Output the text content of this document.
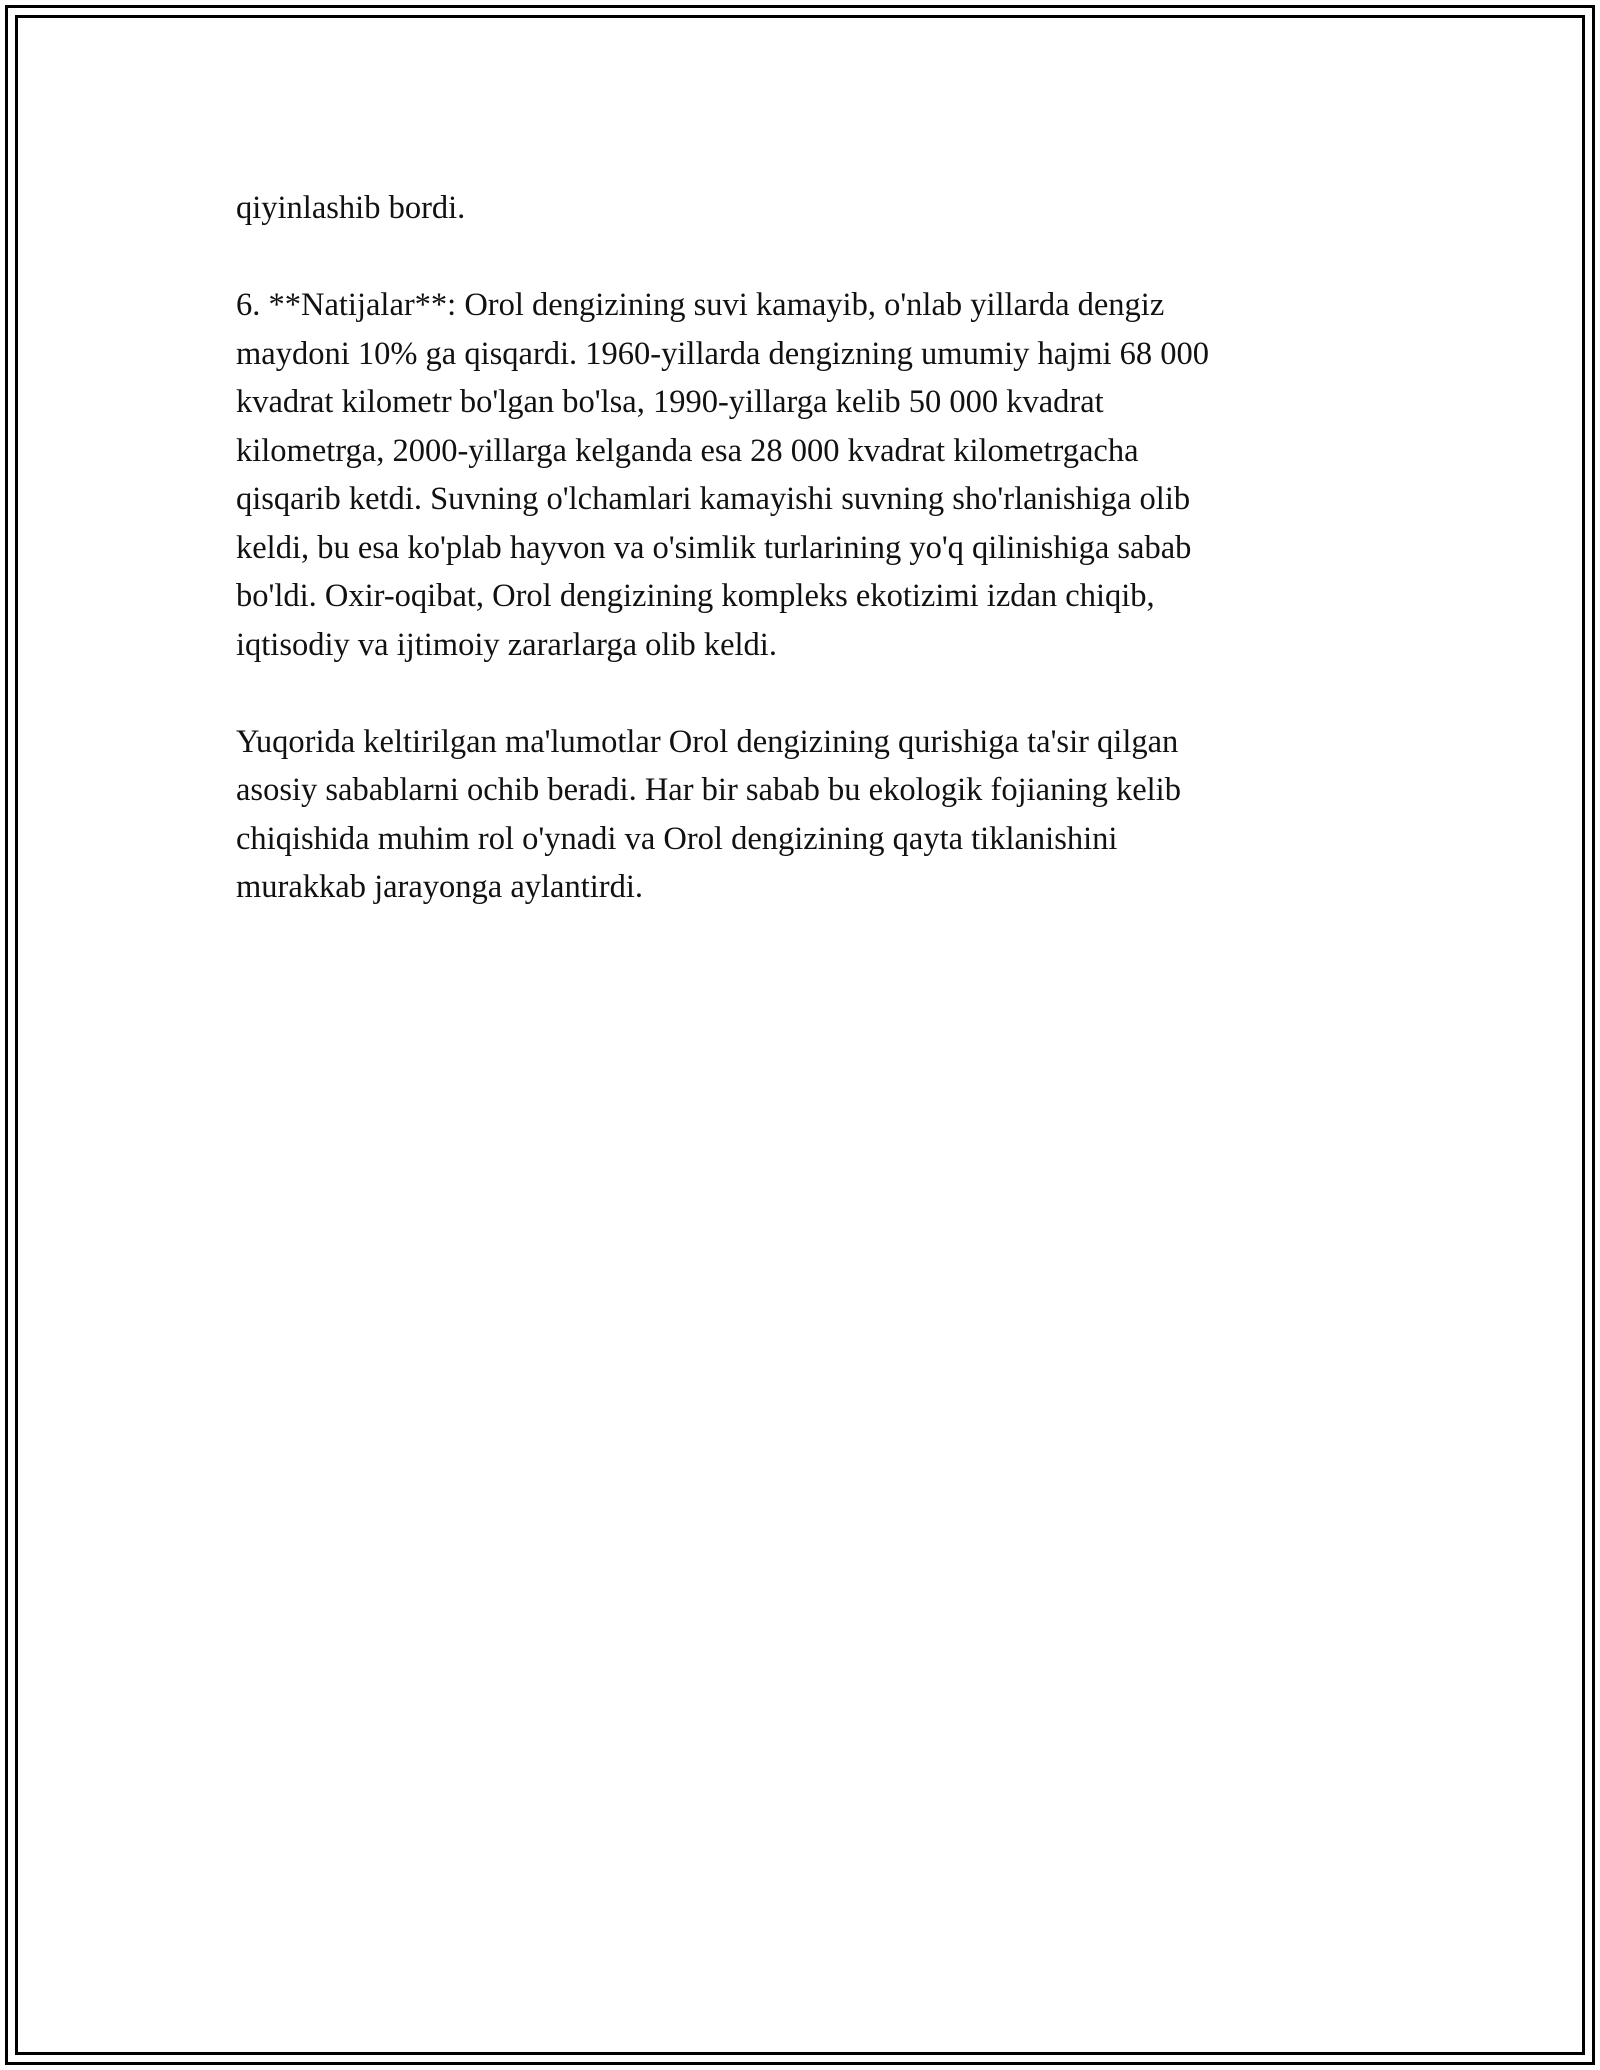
qiyinlashib bordi.

6. **Natijalar**: Orol dengizining suvi kamayib, o'nlab yillarda dengiz
maydoni 10% ga qisqardi. 1960-yillarda dengizning umumiy hajmi 68 000
kvadrat kilometr bo'lgan bo'lsa, 1990-yillarga kelib 50 000 kvadrat
kilometrga, 2000-yillarga kelganda esa 28 000 kvadrat kilometrgacha
qisqarib ketdi. Suvning o'lchamlari kamayishi suvning sho'rlanishiga olib
keldi, bu esa ko'plab hayvon va o'simlik turlarining yo'q qilinishiga sabab
bo'ldi. Oxir-oqibat, Orol dengizining kompleks ekotizimi izdan chiqib,
iqtisodiy va ijtimoiy zararlarga olib keldi.

Yuqorida keltirilgan ma'lumotlar Orol dengizining qurishiga ta'sir qilgan
asosiy sabablarni ochib beradi. Har bir sabab bu ekologik fojianing kelib
chiqishida muhim rol o'ynadi va Orol dengizining qayta tiklanishini
murakkab jarayonga aylantirdi.
